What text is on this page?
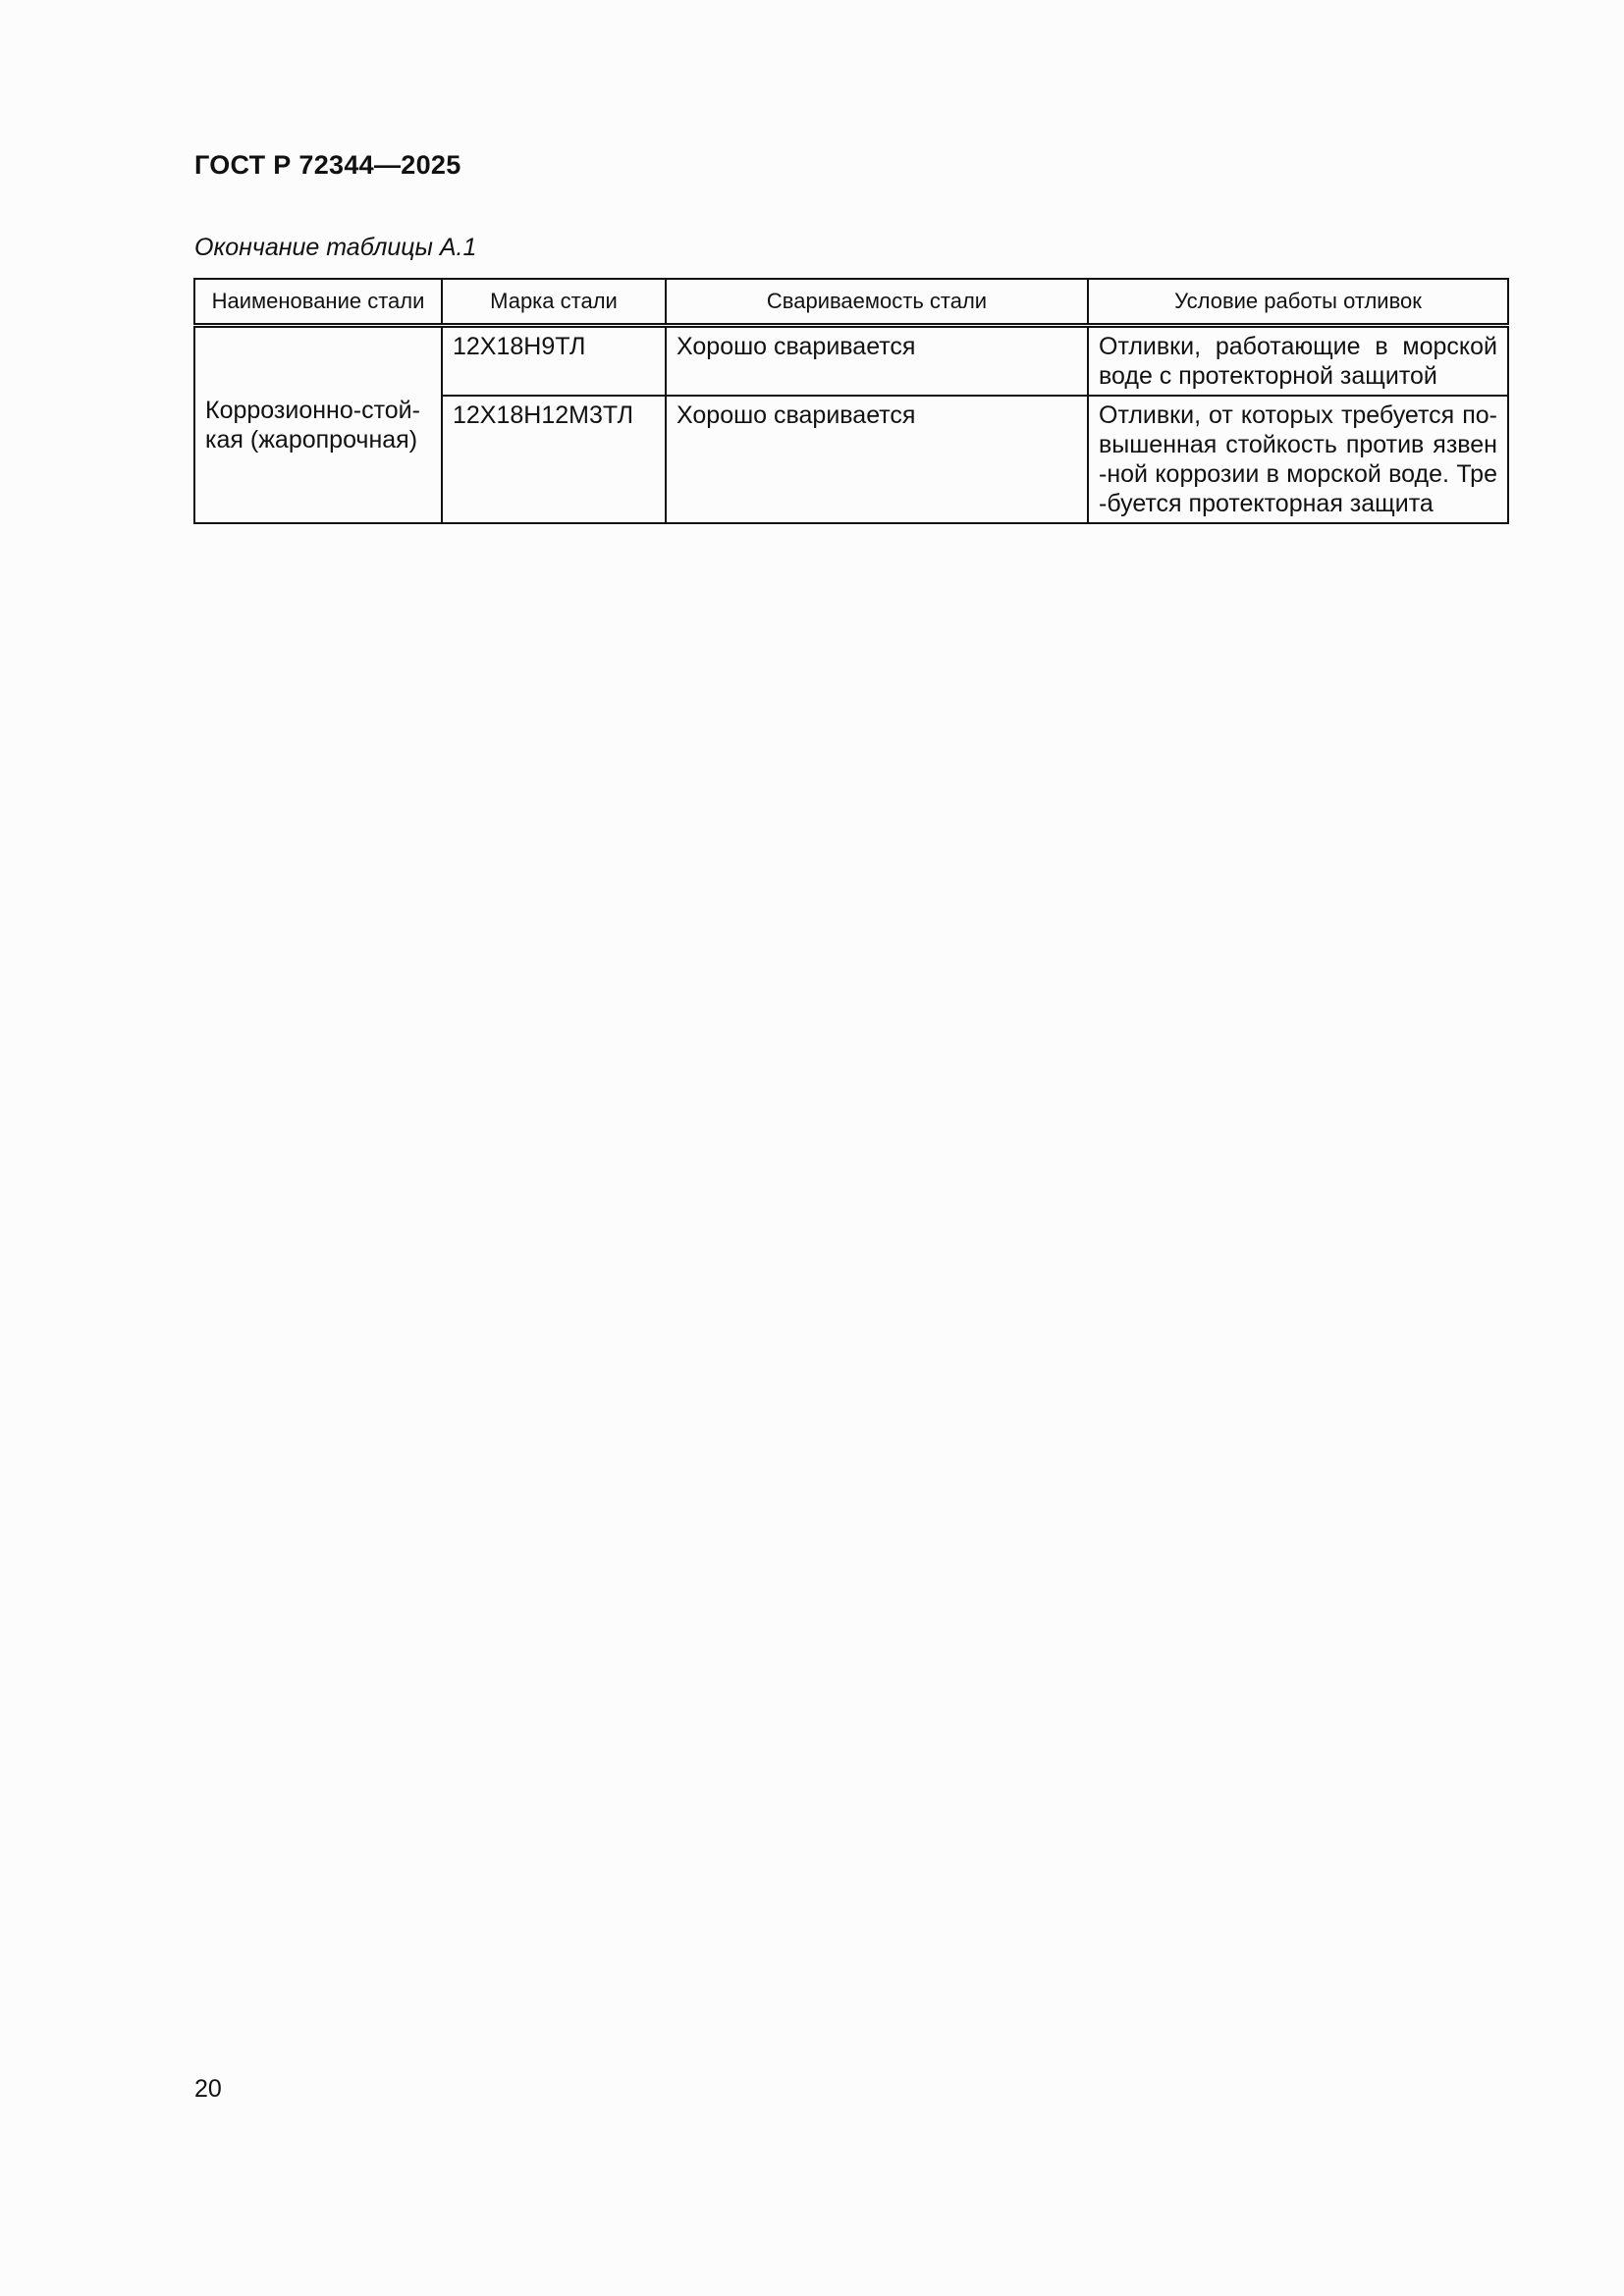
ГОСТ Р 72344—2025
Окончание таблицы А.1
Наименование стали	Марка стали	Свариваемость стали	Условие работы отливок

Коррозионно-стой-кая (жаропрочная)	12Х18Н9ТЛ	Хорошо сваривается	Отливки, работающие в морской воде с протекторной защитой
	12Х18Н12М3ТЛ	Хорошо сваривается	Отливки, от которых требуется по-вышенная стойкость против язвен-ной коррозии в морской воде. Тре-буется протекторная защита
20
